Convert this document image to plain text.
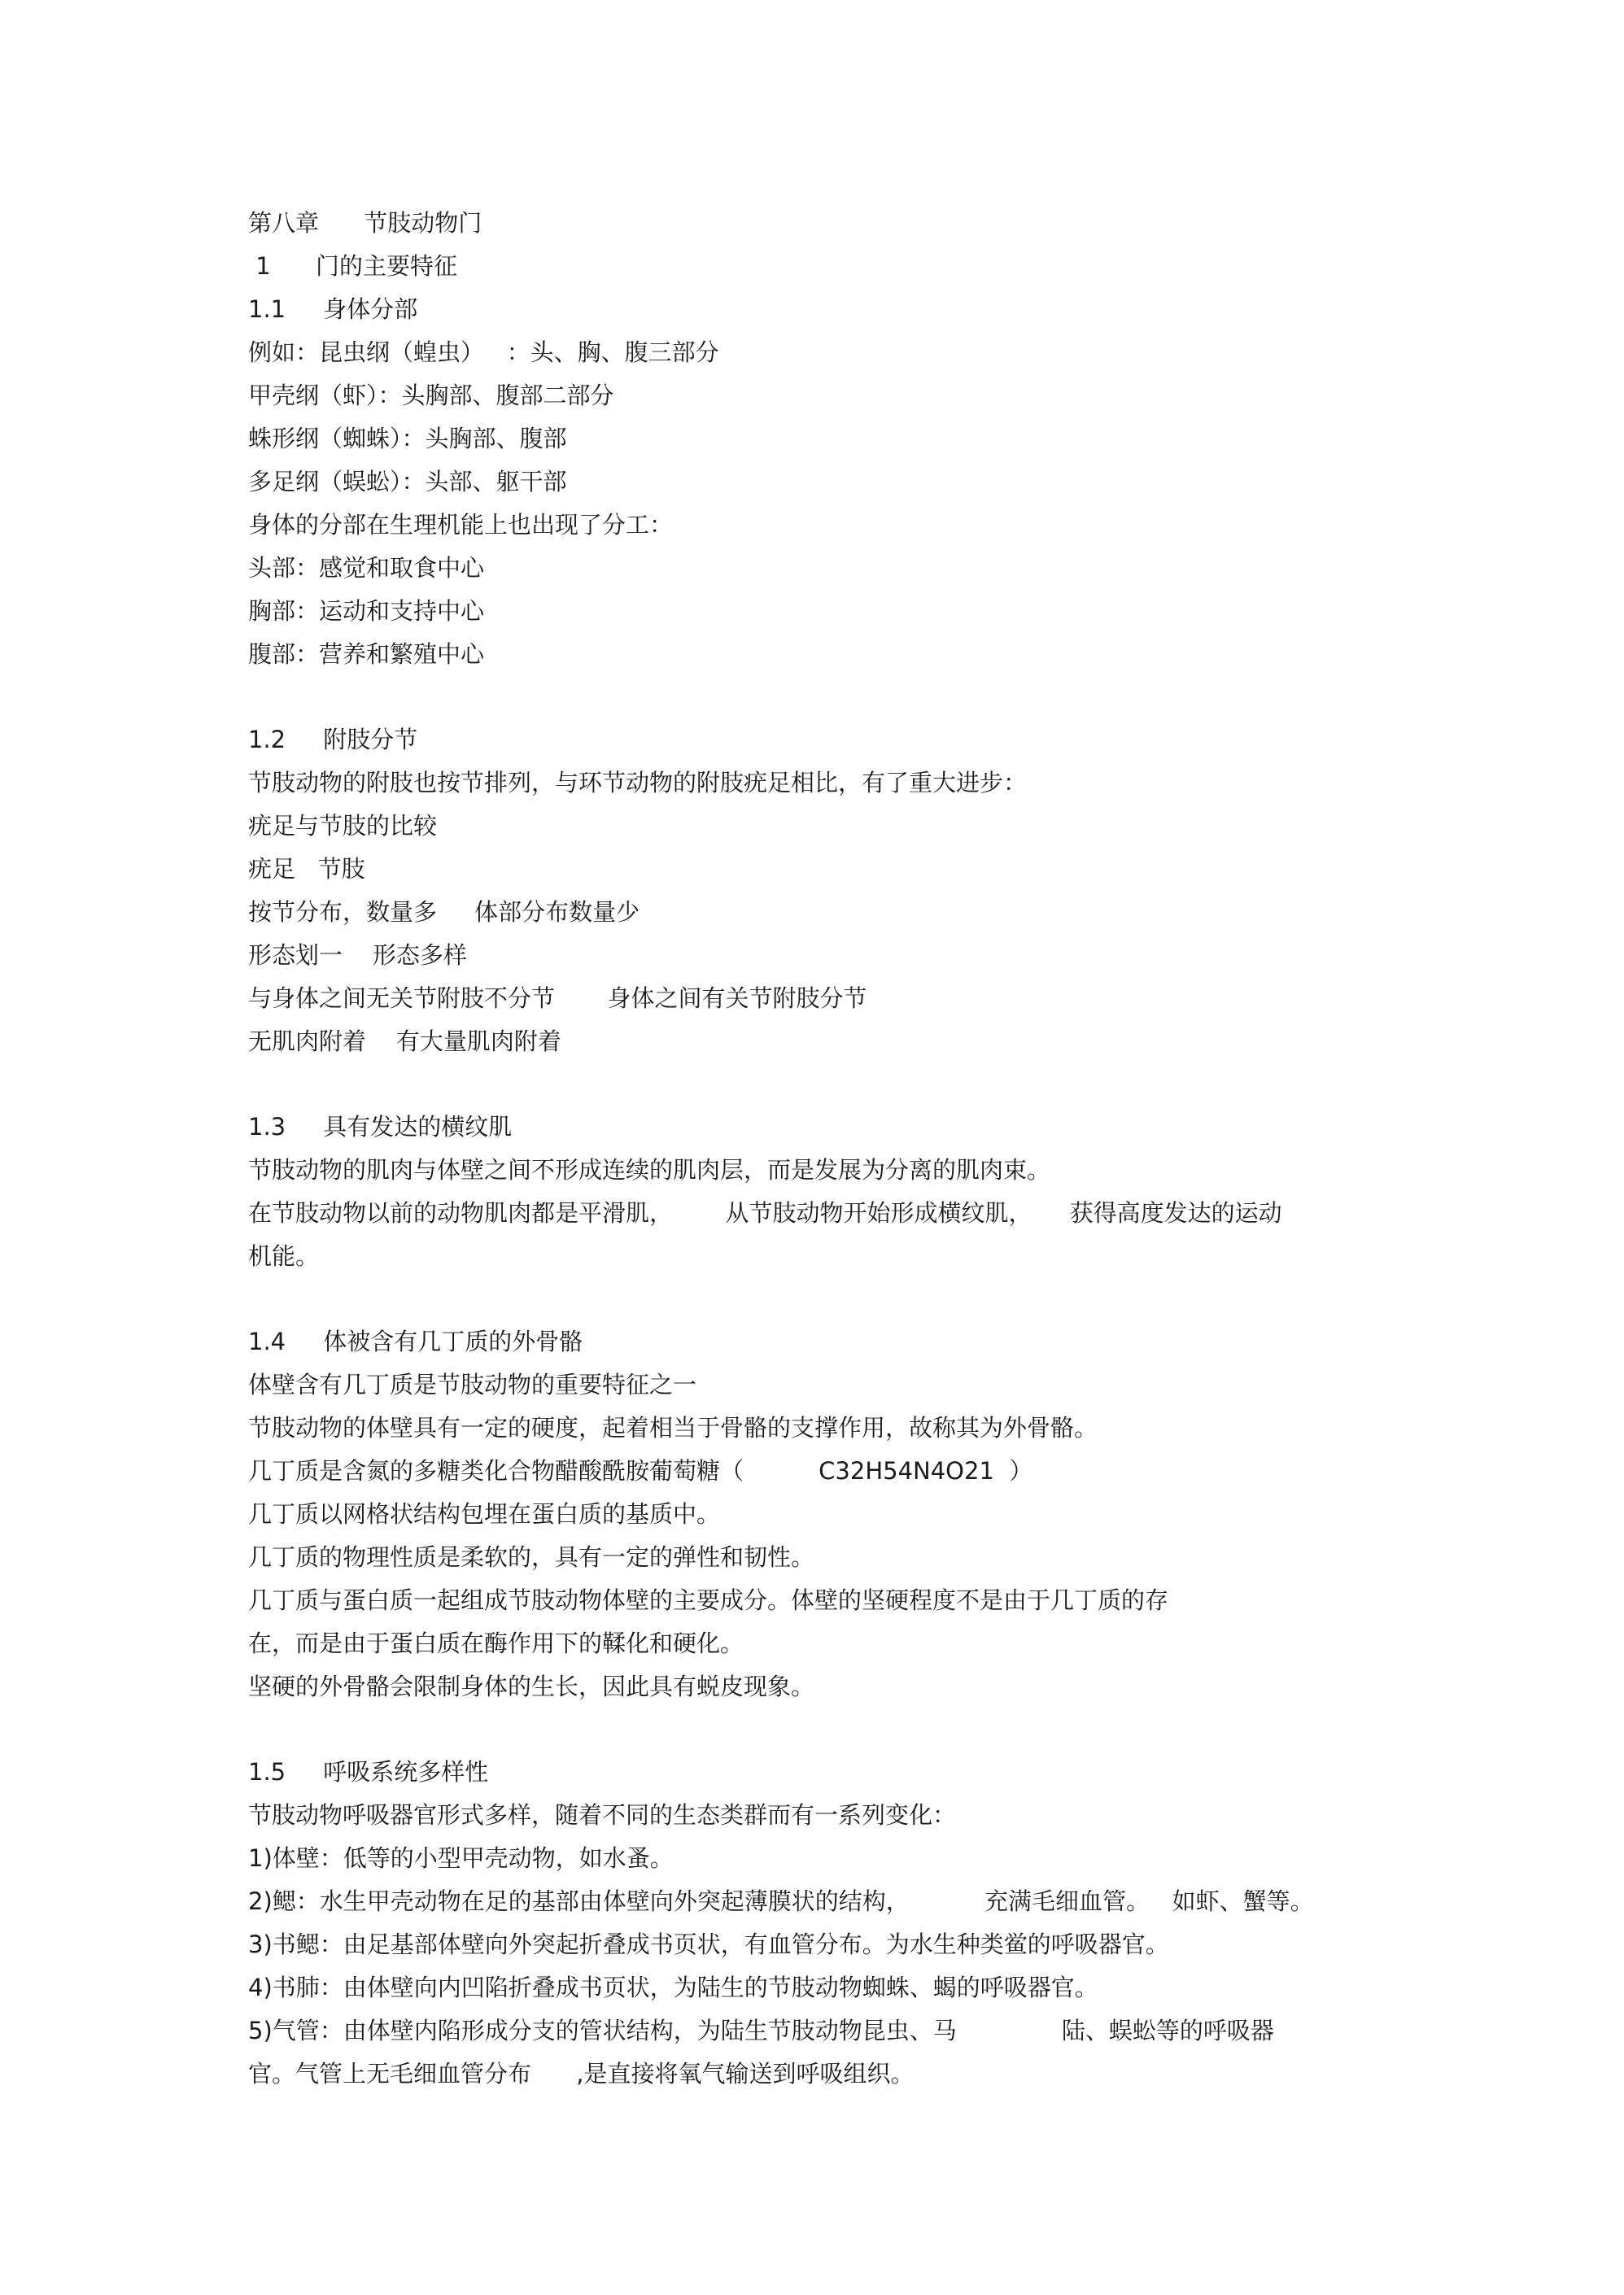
第八章      节肢动物门
1      门的主要特征
1.1     身体分部
例如：昆虫纲（蝗虫）   ：头、胸、腹三部分
甲壳纲（虾）：头胸部、腹部二部分
蛛形纲（蜘蛛）：头胸部、腹部
多足纲（蜈蚣）：头部、躯干部
身体的分部在生理机能上也出现了分工：
头部：感觉和取食中心
胸部：运动和支持中心
腹部：营养和繁殖中心
1.2     附肢分节
节肢动物的附肢也按节排列，与环节动物的附肢疣足相比，有了重大进步：
疣足与节肢的比较
疣足   节肢
按节分布，数量多     体部分布数量少
形态划一    形态多样
与身体之间无关节附肢不分节       身体之间有关节附肢分节
无肌肉附着    有大量肌肉附着
1.3     具有发达的横纹肌
节肢动物的肌肉与体壁之间不形成连续的肌肉层，而是发展为分离的肌肉束。
在节肢动物以前的动物肌肉都是平滑肌，       从节肢动物开始形成横纹肌，     获得高度发达的运动
机能。
1.4     体被含有几丁质的外骨骼
体壁含有几丁质是节肢动物的重要特征之一
节肢动物的体壁具有一定的硬度，起着相当于骨骼的支撑作用，故称其为外骨骼。
几丁质是含氮的多糖类化合物醋酸酰胺葡萄糖（          C32H54N4O21  ）
几丁质以网格状结构包埋在蛋白质的基质中。
几丁质的物理性质是柔软的，具有一定的弹性和韧性。
几丁质与蛋白质一起组成节肢动物体壁的主要成分。体壁的坚硬程度不是由于几丁质的存
在，而是由于蛋白质在酶作用下的鞣化和硬化。
坚硬的外骨骼会限制身体的生长，因此具有蜕皮现象。
1.5     呼吸系统多样性
节肢动物呼吸器官形式多样，随着不同的生态类群而有一系列变化：
1)体壁：低等的小型甲壳动物，如水蚤。
2)鳃：水生甲壳动物在足的基部由体壁向外突起薄膜状的结构，          充满毛细血管。   如虾、蟹等。
3)书鳃：由足基部体壁向外突起折叠成书页状，有血管分布。为水生种类鲎的呼吸器官。
4)书肺：由体壁向内凹陷折叠成书页状，为陆生的节肢动物蜘蛛、蝎的呼吸器官。
5)气管：由体壁内陷形成分支的管状结构，为陆生节肢动物昆虫、马              陆、蜈蚣等的呼吸器
官。气管上无毛细血管分布      ,是直接将氧气输送到呼吸组织。
